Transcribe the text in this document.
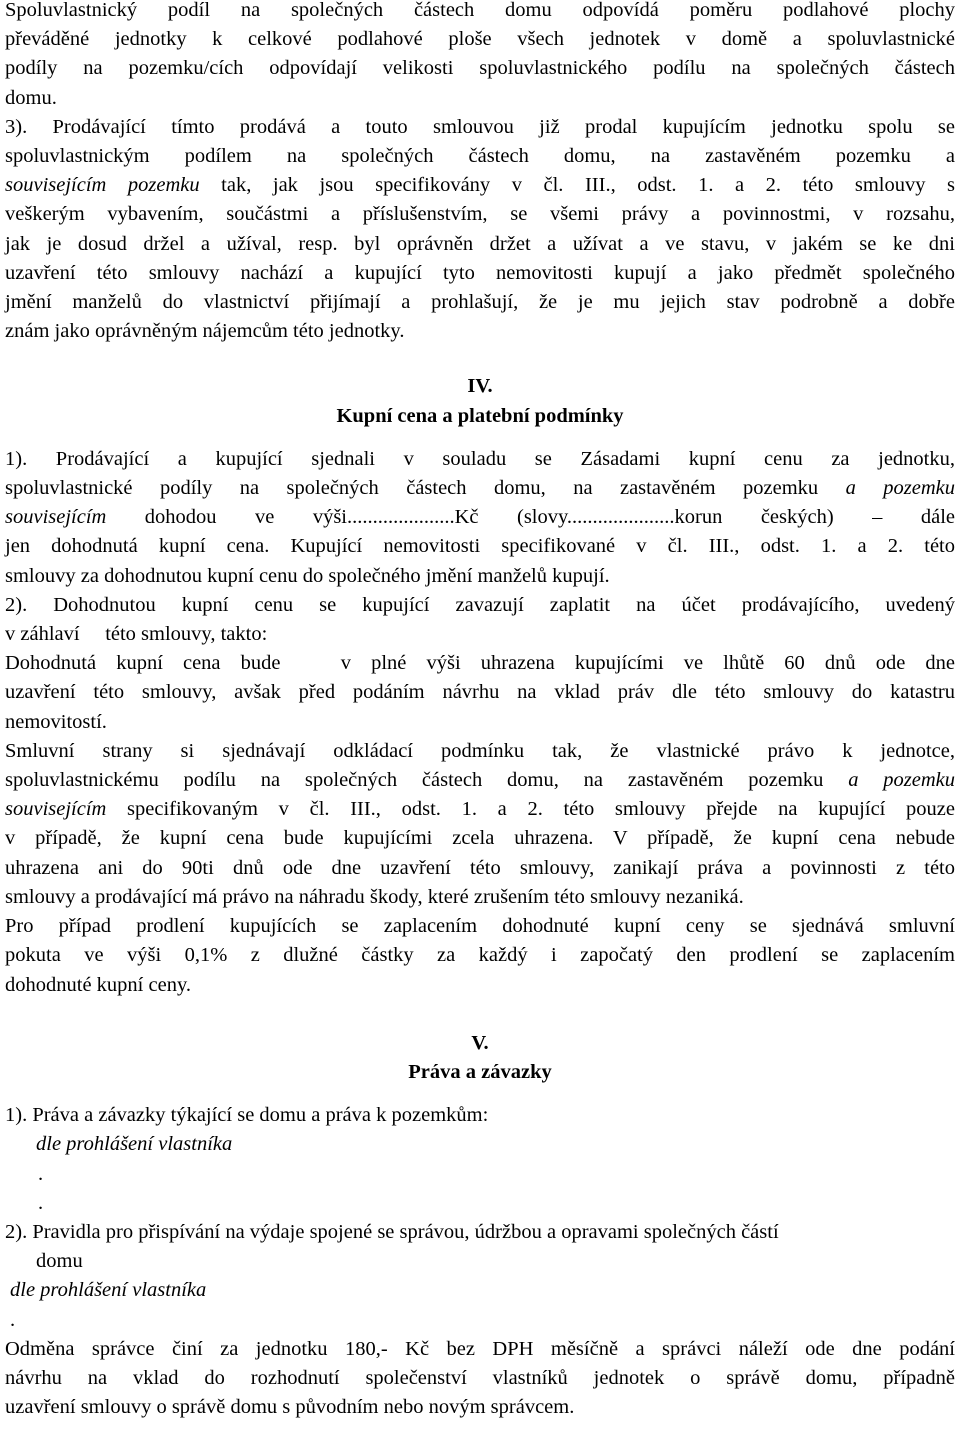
Spoluvlastnický podíl na společných částech domu odpovídá poměru podlahové plochy

převáděné jednotky k celkové podlahové ploše všech jednotek v domě a spoluvlastnické

podíly na pozemku/cích odpovídají velikosti spoluvlastnického podílu na společných částech

domu.

3). Prodávající tímto prodává a touto smlouvou již prodal kupujícím jednotku spolu se

spoluvlastnickým podílem na společných částech domu, na zastavěném pozemku a

souvisejícím pozemku tak, jak jsou specifikovány v čl. III., odst. 1. a 2. této smlouvy s

veškerým vybavením, součástmi a příslušenstvím, se všemi právy a povinnostmi, v rozsahu,

jak je dosud držel a užíval, resp. byl oprávněn držet a užívat a ve stavu, v jakém se ke dni

uzavření této smlouvy nachází a kupující tyto nemovitosti kupují a jako předmět společného

jmění manželů do vlastnictví přijímají a prohlašují, že je mu jejich stav podrobně a dobře

znám jako oprávněným nájemcům této jednotky.

IV.

Kupní cena a platební podmínky

1). Prodávající a kupující sjednali v souladu se Zásadami kupní cenu za jednotku,

spoluvlastnické podíly na společných částech domu, na zastavěném pozemku a pozemku

souvisejícím dohodou ve výši.....................Kč (slovy.....................korun českých) – dále

jen dohodnutá kupní cena. Kupující nemovitosti specifikované v čl. III., odst. 1. a 2. této

smlouvy za dohodnutou kupní cenu do společného jmění manželů kupují.

2). Dohodnutou kupní cenu se kupující zavazují zaplatit na účet prodávajícího, uvedený

v záhlaví     této smlouvy, takto:

Dohodnutá kupní cena bude   v plné výši uhrazena kupujícími ve lhůtě 60 dnů ode dne

uzavření této smlouvy, avšak před podáním návrhu na vklad práv dle této smlouvy do katastru

nemovitostí.

Smluvní strany si sjednávají odkládací podmínku tak, že vlastnické právo k jednotce,

spoluvlastnickému podílu na společných částech domu, na zastavěném pozemku a pozemku

souvisejícím specifikovaným v čl. III., odst. 1. a 2. této smlouvy přejde na kupující pouze

v případě, že kupní cena bude kupujícími zcela uhrazena. V případě, že kupní cena nebude

uhrazena ani do 90ti dnů ode dne uzavření této smlouvy, zanikají práva a povinnosti z této

smlouvy a prodávající má právo na náhradu škody, které zrušením této smlouvy nezaniká.

Pro případ prodlení kupujících se zaplacením dohodnuté kupní ceny se sjednává smluvní

pokuta ve výši 0,1% z dlužné částky za každý i započatý den prodlení se zaplacením

dohodnuté kupní ceny.

V.

Práva a závazky

1). Práva a závazky týkající se domu a práva k pozemkům:

dle prohlášení vlastníka

.
.

2). Pravidla pro přispívání na výdaje spojené se správou, údržbou a opravami společných částí

domu

dle prohlášení vlastníka

.

Odměna správce činí za jednotku 180,- Kč bez DPH měsíčně a správci náleží ode dne podání

návrhu na vklad do rozhodnutí společenství vlastníků jednotek o správě domu, případně

uzavření smlouvy o správě domu s původním nebo novým správcem.
